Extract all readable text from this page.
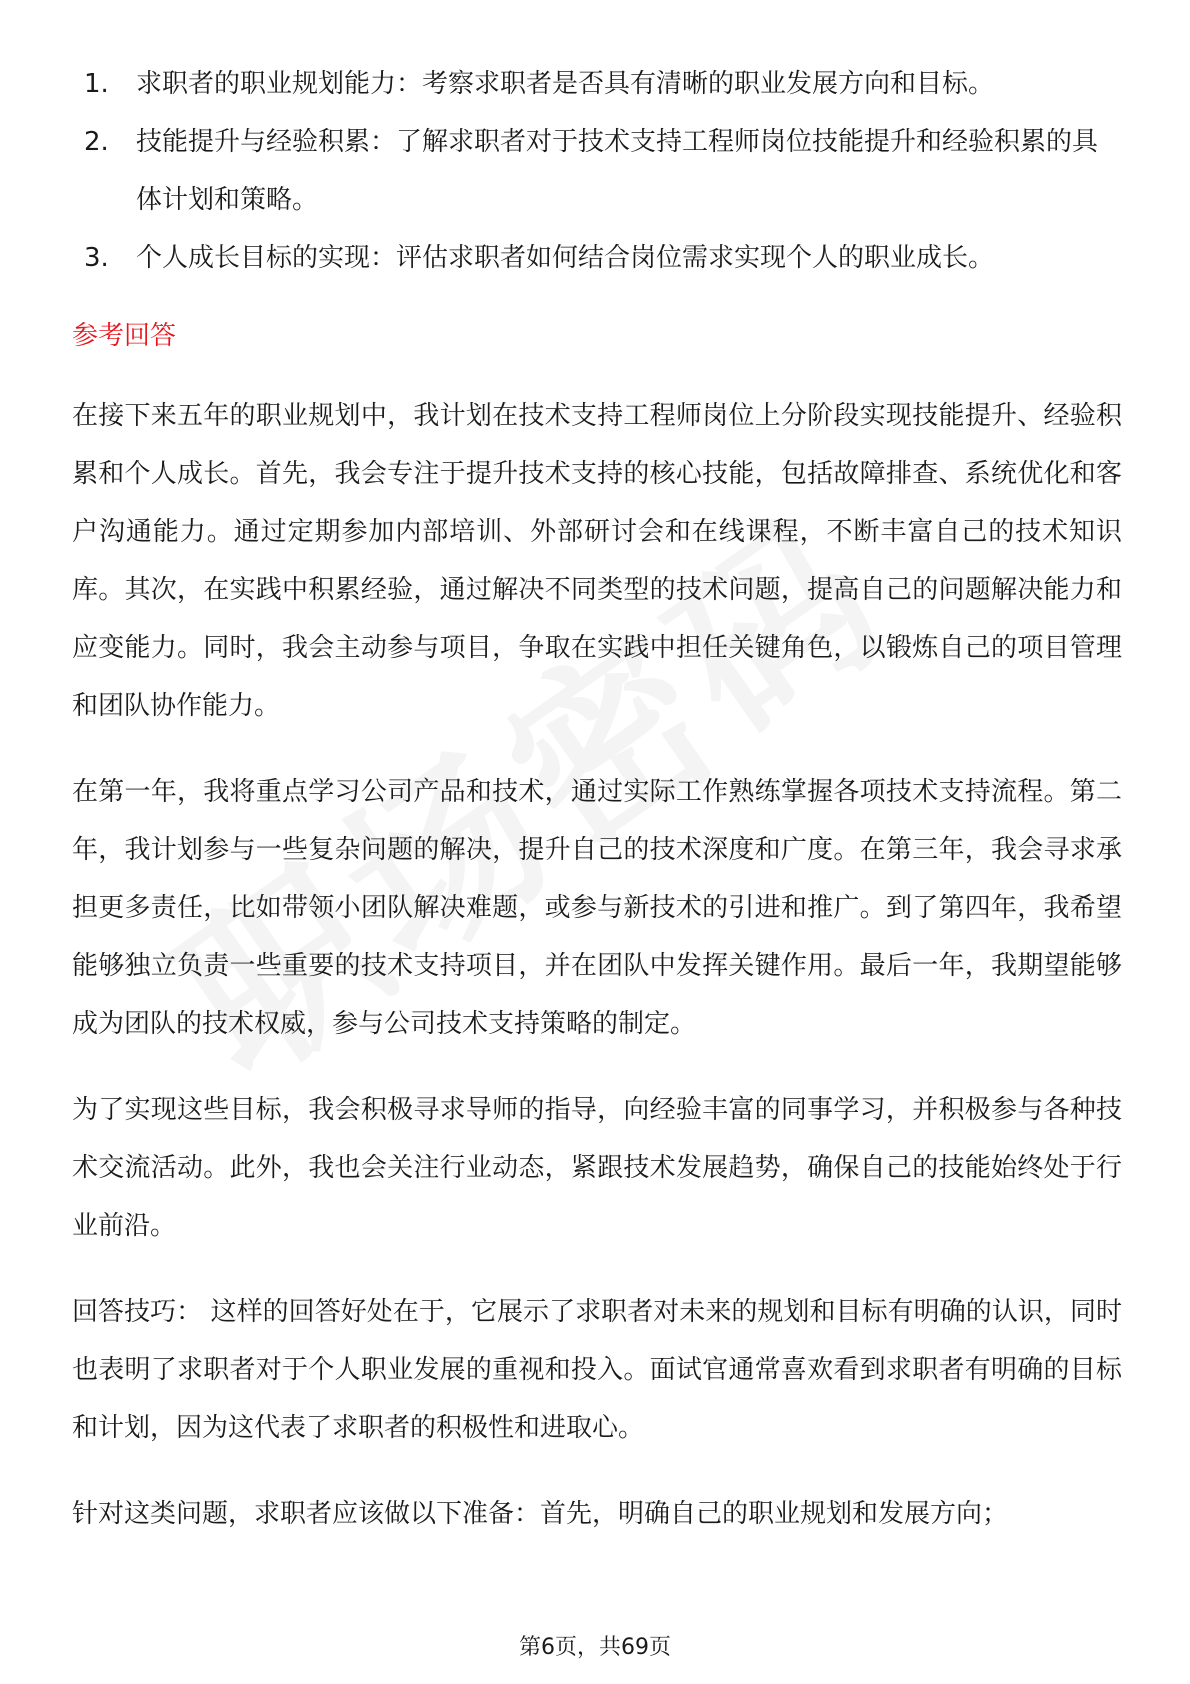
1.	求职者的职业规划能力：考察求职者是否具有清晰的职业发展方向和目标。
2.	技能提升与经验积累：了解求职者对于技术支持工程师岗位技能提升和经验积累的具体计划和策略。
3.	个人成长目标的实现：评估求职者如何结合岗位需求实现个人的职业成长。
参考回答

在接下来五年的职业规划中，我计划在技术支持工程师岗位上分阶段实现技能提升、经验积累和个人成长。首先，我会专注于提升技术支持的核心技能，包括故障排查、系统优化和客户沟通能力。通过定期参加内部培训、外部研讨会和在线课程，不断丰富自己的技术知识库。其次，在实践中积累经验，通过解决不同类型的技术问题，提高自己的问题解决能力和应变能力。同时，我会主动参与项目，争取在实践中担任关键角色，以锻炼自己的项目管理和团队协作能力。

在第一年，我将重点学习公司产品和技术，通过实际工作熟练掌握各项技术支持流程。第二年，我计划参与一些复杂问题的解决，提升自己的技术深度和广度。在第三年，我会寻求承担更多责任，比如带领小团队解决难题，或参与新技术的引进和推广。到了第四年，我希望能够独立负责一些重要的技术支持项目，并在团队中发挥关键作用。最后一年，我期望能够成为团队的技术权威，参与公司技术支持策略的制定。

为了实现这些目标，我会积极寻求导师的指导，向经验丰富的同事学习，并积极参与各种技术交流活动。此外，我也会关注行业动态，紧跟技术发展趋势，确保自己的技能始终处于行业前沿。

回答技巧： 这样的回答好处在于，它展示了求职者对未来的规划和目标有明确的认识，同时也表明了求职者对于个人职业发展的重视和投入。面试官通常喜欢看到求职者有明确的目标和计划，因为这代表了求职者的积极性和进取心。

针对这类问题，求职者应该做以下准备：首先，明确自己的职业规划和发展方向；

第6页，共69页
